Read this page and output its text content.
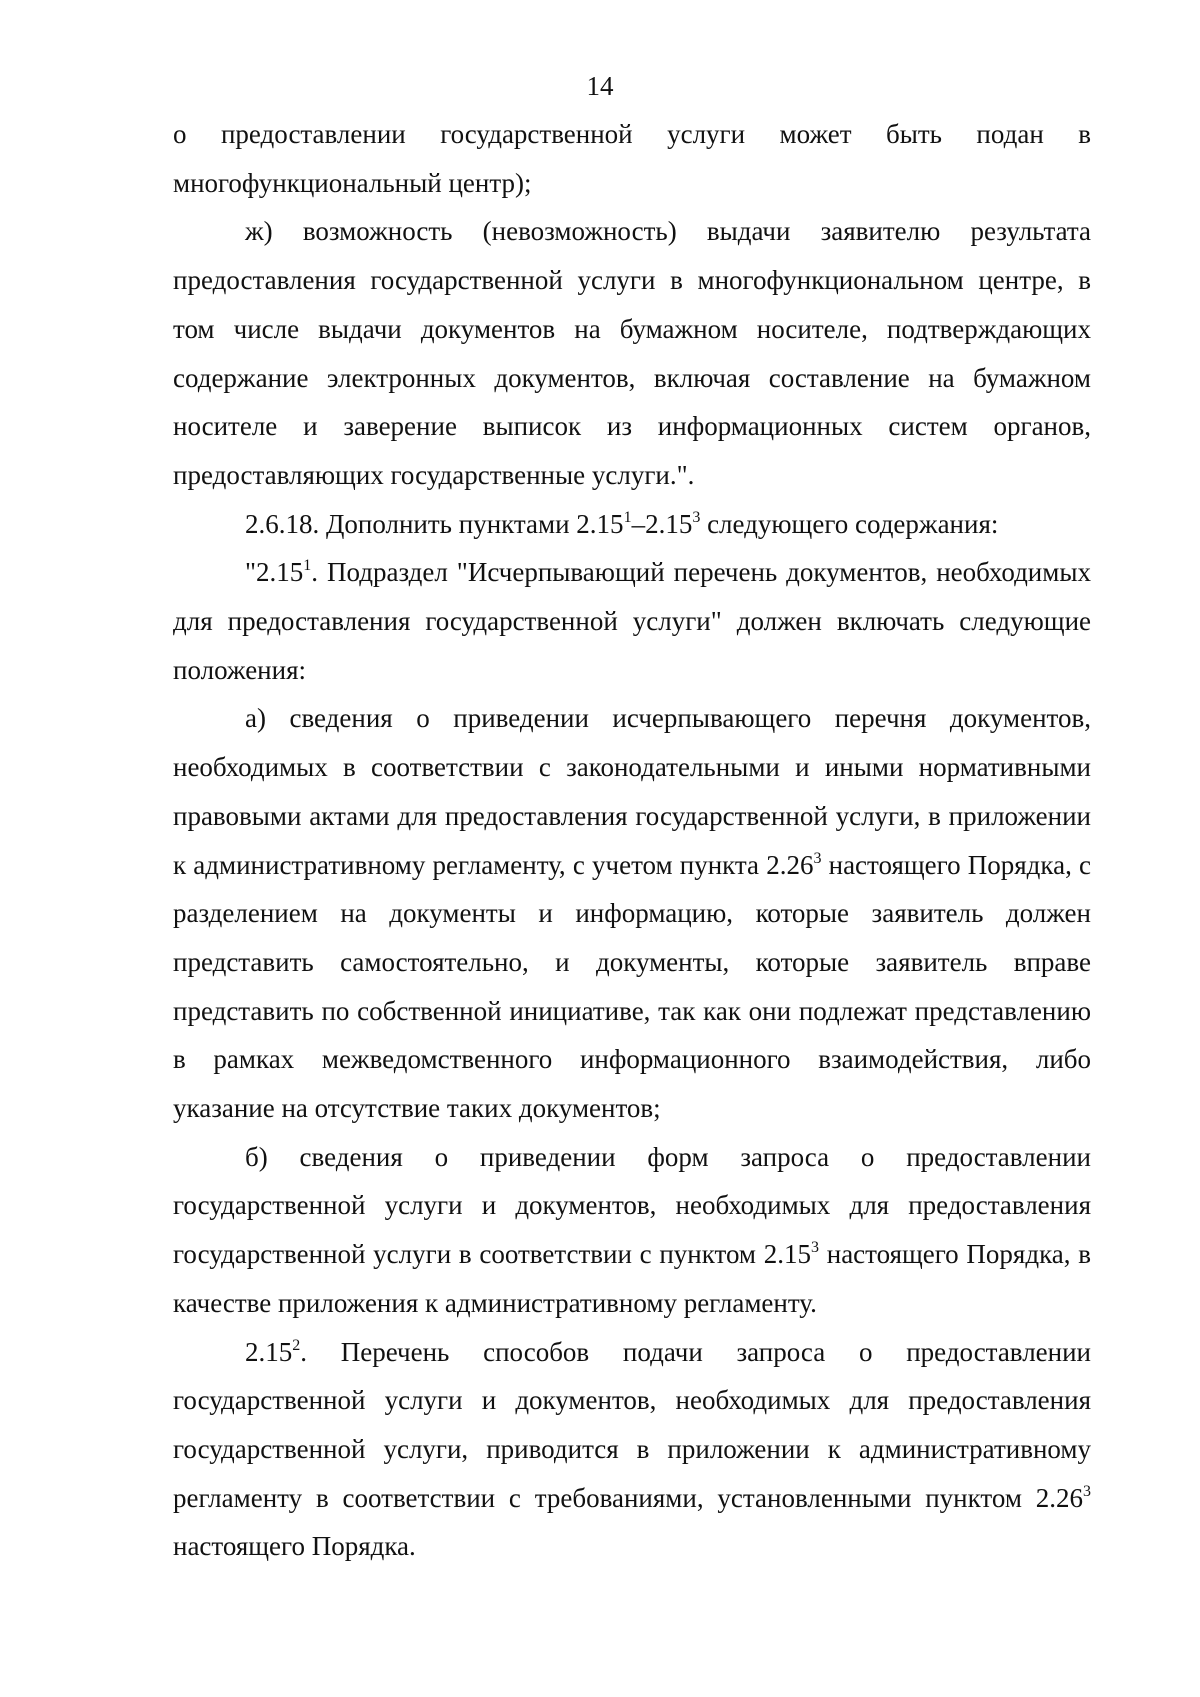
14

о предоставлении государственной услуги может быть подан в многофункциональный центр);

ж) возможность (невозможность) выдачи заявителю результата предоставления государственной услуги в многофункциональном центре, в том числе выдачи документов на бумажном носителе, подтверждающих содержание электронных документов, включая составление на бумажном носителе и заверение выписок из информационных систем органов, предоставляющих государственные услуги.".

2.6.18. Дополнить пунктами 2.15$^1$–2.15$^3$ следующего содержания:

"2.15$^1$. Подраздел "Исчерпывающий перечень документов, необходимых для предоставления государственной услуги" должен включать следующие положения:

а) сведения о приведении исчерпывающего перечня документов, необходимых в соответствии с законодательными и иными нормативными правовыми актами для предоставления государственной услуги, в приложении к административному регламенту, с учетом пункта 2.26$^3$ настоящего Порядка, с разделением на документы и информацию, которые заявитель должен представить самостоятельно, и документы, которые заявитель вправе представить по собственной инициативе, так как они подлежат представлению в рамках межведомственного информационного взаимодействия, либо указание на отсутствие таких документов;

б) сведения о приведении форм запроса о предоставлении государственной услуги и документов, необходимых для предоставления государственной услуги в соответствии с пунктом 2.15$^3$ настоящего Порядка, в качестве приложения к административному регламенту.

2.15$^2$. Перечень способов подачи запроса о предоставлении государственной услуги и документов, необходимых для предоставления государственной услуги, приводится в приложении к административному регламенту в соответствии с требованиями, установленными пунктом 2.26$^3$ настоящего Порядка.
